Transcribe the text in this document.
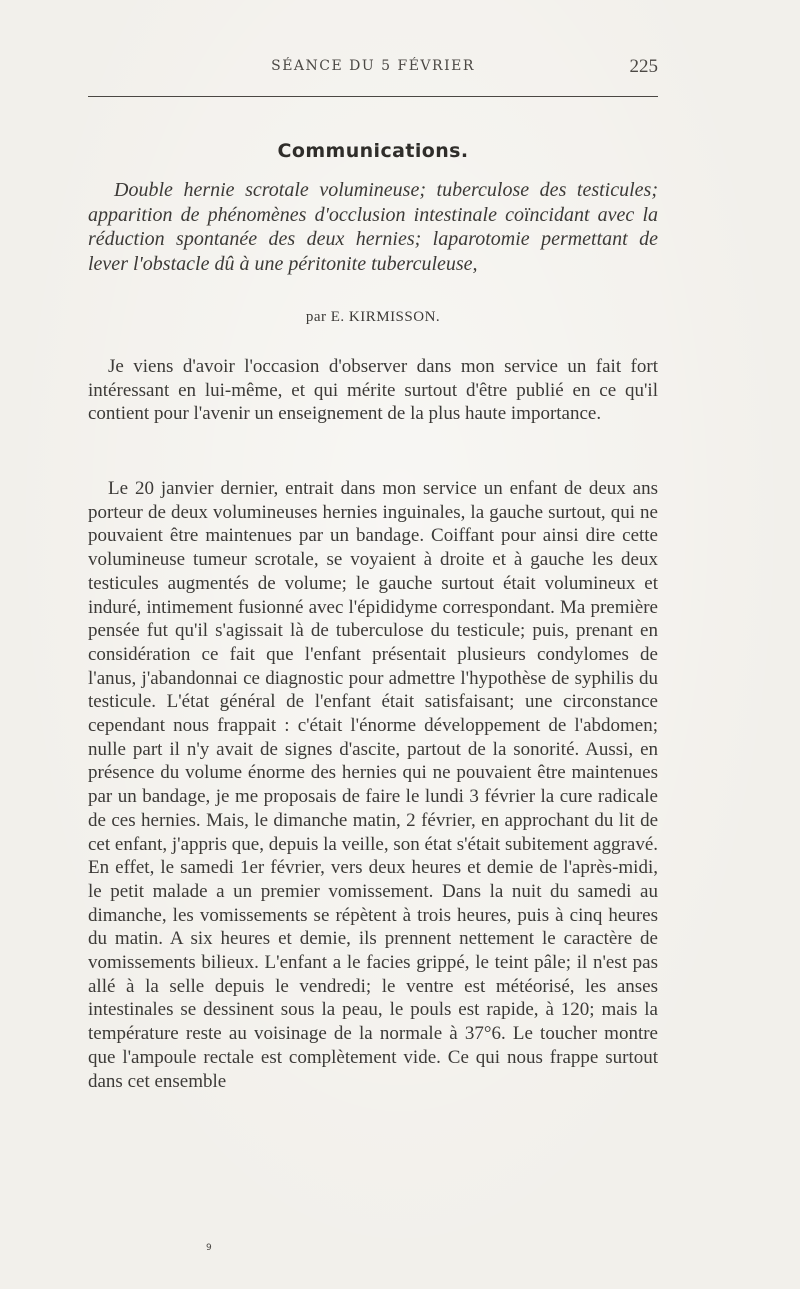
SÉANCE DU 5 FÉVRIER	225
Communications.

Double hernie scrotale volumineuse; tuberculose des testicules; apparition de phénomènes d'occlusion intestinale coïncidant avec la réduction spontanée des deux hernies; laparotomie permettant de lever l'obstacle dû à une péritonite tuberculeuse,

par E. KIRMISSON.

Je viens d'avoir l'occasion d'observer dans mon service un fait fort intéressant en lui-même, et qui mérite surtout d'être publié en ce qu'il contient pour l'avenir un enseignement de la plus haute importance.

Le 20 janvier dernier, entrait dans mon service un enfant de deux ans porteur de deux volumineuses hernies inguinales, la gauche surtout, qui ne pouvaient être maintenues par un bandage. Coiffant pour ainsi dire cette volumineuse tumeur scrotale, se voyaient à droite et à gauche les deux testicules augmentés de volume; le gauche surtout était volumineux et induré, intimement fusionné avec l'épididyme correspondant. Ma première pensée fut qu'il s'agissait là de tuberculose du testicule; puis, prenant en considération ce fait que l'enfant présentait plusieurs condylomes de l'anus, j'abandonnai ce diagnostic pour admettre l'hypothèse de syphilis du testicule. L'état général de l'enfant était satisfaisant; une circonstance cependant nous frappait : c'était l'énorme développement de l'abdomen; nulle part il n'y avait de signes d'ascite, partout de la sonorité. Aussi, en présence du volume énorme des hernies qui ne pouvaient être maintenues par un bandage, je me proposais de faire le lundi 3 février la cure radicale de ces hernies. Mais, le dimanche matin, 2 février, en approchant du lit de cet enfant, j'appris que, depuis la veille, son état s'était subitement aggravé. En effet, le samedi 1er février, vers deux heures et demie de l'après-midi, le petit malade a un premier vomissement. Dans la nuit du samedi au dimanche, les vomissements se répètent à trois heures, puis à cinq heures du matin. A six heures et demie, ils prennent nettement le caractère de vomissements bilieux. L'enfant a le facies grippé, le teint pâle; il n'est pas allé à la selle depuis le vendredi; le ventre est météorisé, les anses intestinales se dessinent sous la peau, le pouls est rapide, à 120; mais la température reste au voisinage de la normale à 37°6. Le toucher montre que l'ampoule rectale est complètement vide. Ce qui nous frappe surtout dans cet ensemble

9
